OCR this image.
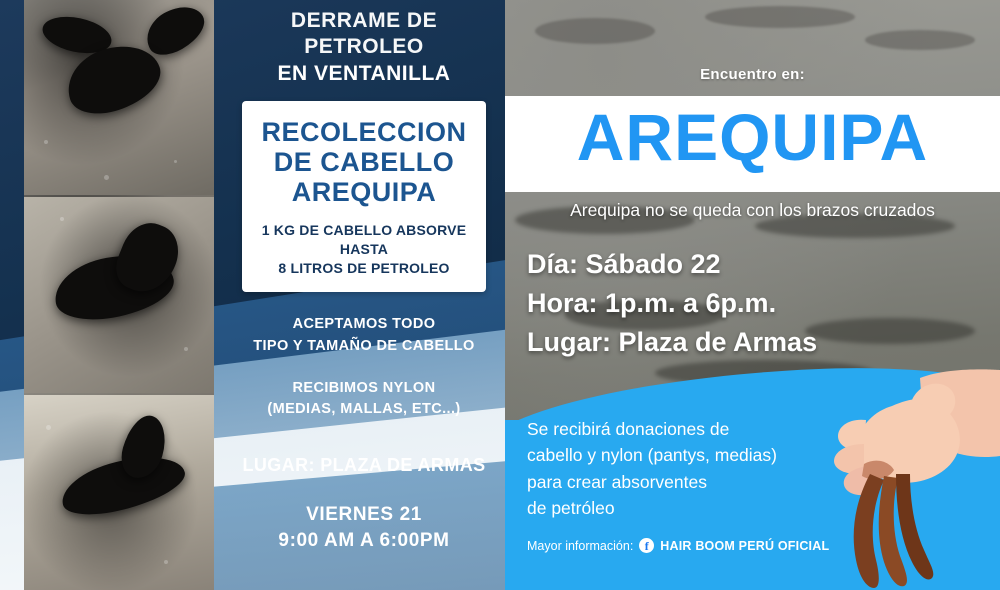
DERRAME DE PETROLEO
EN VENTANILLA
RECOLECCION
DE CABELLO
AREQUIPA
1 KG DE CABELLO ABSORVE HASTA
8 LITROS DE PETROLEO
ACEPTAMOS TODO
TIPO Y TAMAÑO DE CABELLO
RECIBIMOS NYLON
(MEDIAS, MALLAS, ETC...)
LUGAR: PLAZA DE ARMAS
VIERNES 21
9:00 AM A 6:00PM
Encuentro en:
AREQUIPA
Arequipa no se queda con los brazos cruzados
Día: Sábado 22
Hora: 1p.m. a 6p.m.
Lugar: Plaza de Armas
Se recibirá donaciones de
cabello y nylon (pantys, medias)
para crear absorventes
de petróleo
Mayor información: f HAIR BOOM PERÚ OFICIAL
